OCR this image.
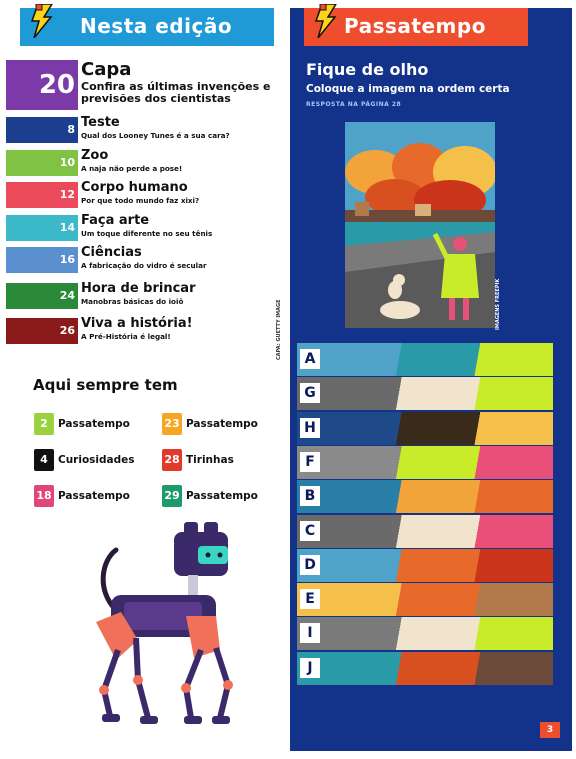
Nesta edição
20
Capa
Confira as últimas invenções e previsões dos cientistas
8 Teste
Qual dos Looney Tunes é a sua cara?
10 Zoo
A naja não perde a pose!
12 Corpo humano
Por que todo mundo faz xixi?
14 Faça arte
Um toque diferente no seu tênis
16 Ciências
A fabricação do vidro é secular
24 Hora de brincar
Manobras básicas do ioiô
26 Viva a história!
A Pré-História é legal!
Aqui sempre tem
2 Passatempo	23 Passatempo
4 Curiosidades	28 Tirinhas
18 Passatempo	29 Passatempo
CAPA: GUETTY IMAGE
Passatempo
Fique de olho
Coloque a imagem na ordem certa
RESPOSTA NA PÁGINA 28
IMAGENS FREEPIK
A
G
H
F
B
C
D
E
I
J
3
